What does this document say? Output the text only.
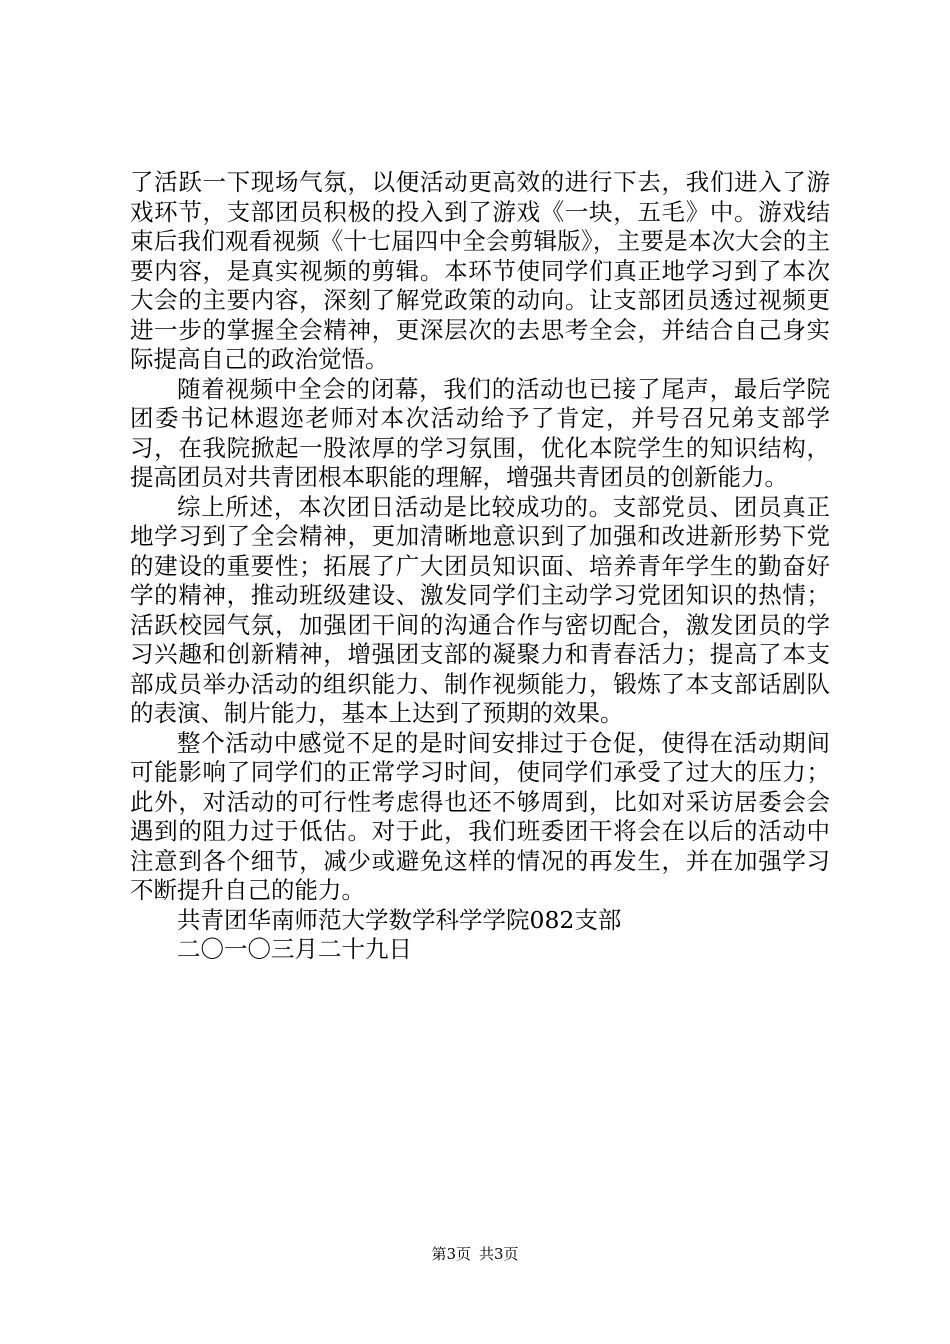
了活跃一下现场气氛，以便活动更高效的进行下去，我们进入了游戏环节，支部团员积极的投入到了游戏《一块，五毛》中。游戏结束后我们观看视频《十七届四中全会剪辑版》，主要是本次大会的主要内容，是真实视频的剪辑。本环节使同学们真正地学习到了本次大会的主要内容，深刻了解党政策的动向。让支部团员透过视频更进一步的掌握全会精神，更深层次的去思考全会，并结合自己身实际提高自己的政治觉悟。

随着视频中全会的闭幕，我们的活动也已接了尾声，最后学院团委书记林遐迩老师对本次活动给予了肯定，并号召兄弟支部学习，在我院掀起一股浓厚的学习氛围，优化本院学生的知识结构，提高团员对共青团根本职能的理解，增强共青团员的创新能力。

综上所述，本次团日活动是比较成功的。支部党员、团员真正地学习到了全会精神，更加清晰地意识到了加强和改进新形势下党的建设的重要性；拓展了广大团员知识面、培养青年学生的勤奋好学的精神，推动班级建设、激发同学们主动学习党团知识的热情；活跃校园气氛，加强团干间的沟通合作与密切配合，激发团员的学习兴趣和创新精神，增强团支部的凝聚力和青春活力；提高了本支部成员举办活动的组织能力、制作视频能力，锻炼了本支部话剧队的表演、制片能力，基本上达到了预期的效果。

整个活动中感觉不足的是时间安排过于仓促，使得在活动期间可能影响了同学们的正常学习时间，使同学们承受了过大的压力；此外，对活动的可行性考虑得也还不够周到，比如对采访居委会会遇到的阻力过于低估。对于此，我们班委团干将会在以后的活动中注意到各个细节，减少或避免这样的情况的再发生，并在加强学习不断提升自己的能力。

共青团华南师范大学数学科学学院082支部

二〇一〇三月二十九日

第3页 共3页
